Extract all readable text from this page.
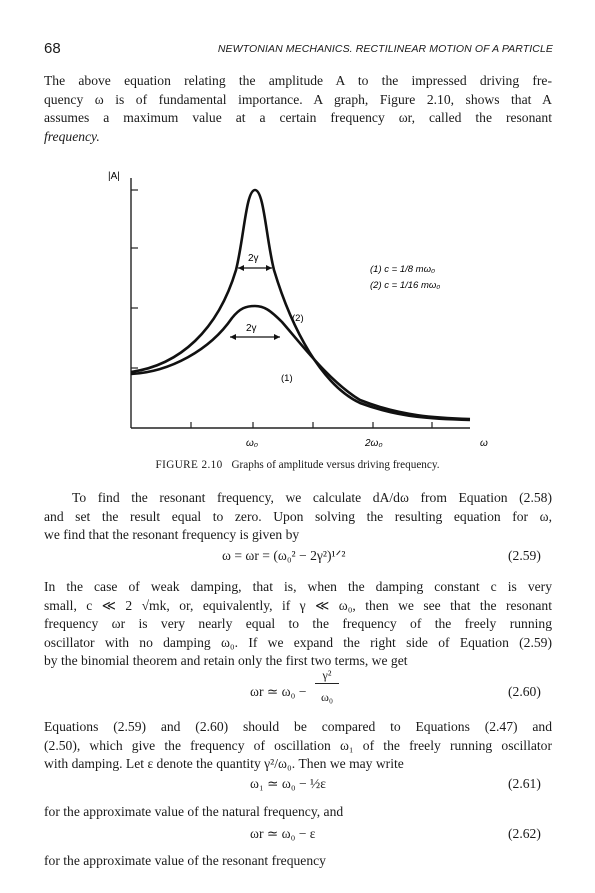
68	NEWTONIAN MECHANICS. RECTILINEAR MOTION OF A PARTICLE
The above equation relating the amplitude A to the impressed driving fre-
quency ω is of fundamental importance. A graph, Figure 2.10, shows that A
assumes a maximum value at a certain frequency ωr, called the resonant
frequency.
|A|
2γ
2γ
(2)
(1)
(1) c = 1/8 mω₀
(2) c = 1/16 mω₀
ω₀	2ω₀	ω
FIGURE 2.10 Graphs of amplitude versus driving frequency.
To find the resonant frequency, we calculate dA/dω from Equation (2.58)
and set the result equal to zero. Upon solving the resulting equation for ω,
we find that the resonant frequency is given by
ω = ωr = (ω₀² − 2γ²)¹ᐟ²	(2.59)
In the case of weak damping, that is, when the damping constant c is very
small, c ≪ 2 √mk, or, equivalently, if γ ≪ ω₀, then we see that the resonant
frequency ωr is very nearly equal to the frequency of the freely running
oscillator with no damping ω₀. If we expand the right side of Equation (2.59)
by the binomial theorem and retain only the first two terms, we get
ωr ≃ ω₀ −
γ²
ω₀	(2.60)
Equations (2.59) and (2.60) should be compared to Equations (2.47) and
(2.50), which give the frequency of oscillation ω₁ of the freely running oscillator
with damping. Let ε denote the quantity γ²/ω₀. Then we may write
ω₁ ≃ ω₀ − ½ε	(2.61)
for the approximate value of the natural frequency, and
ωr ≃ ω₀ − ε	(2.62)
for the approximate value of the resonant frequency
